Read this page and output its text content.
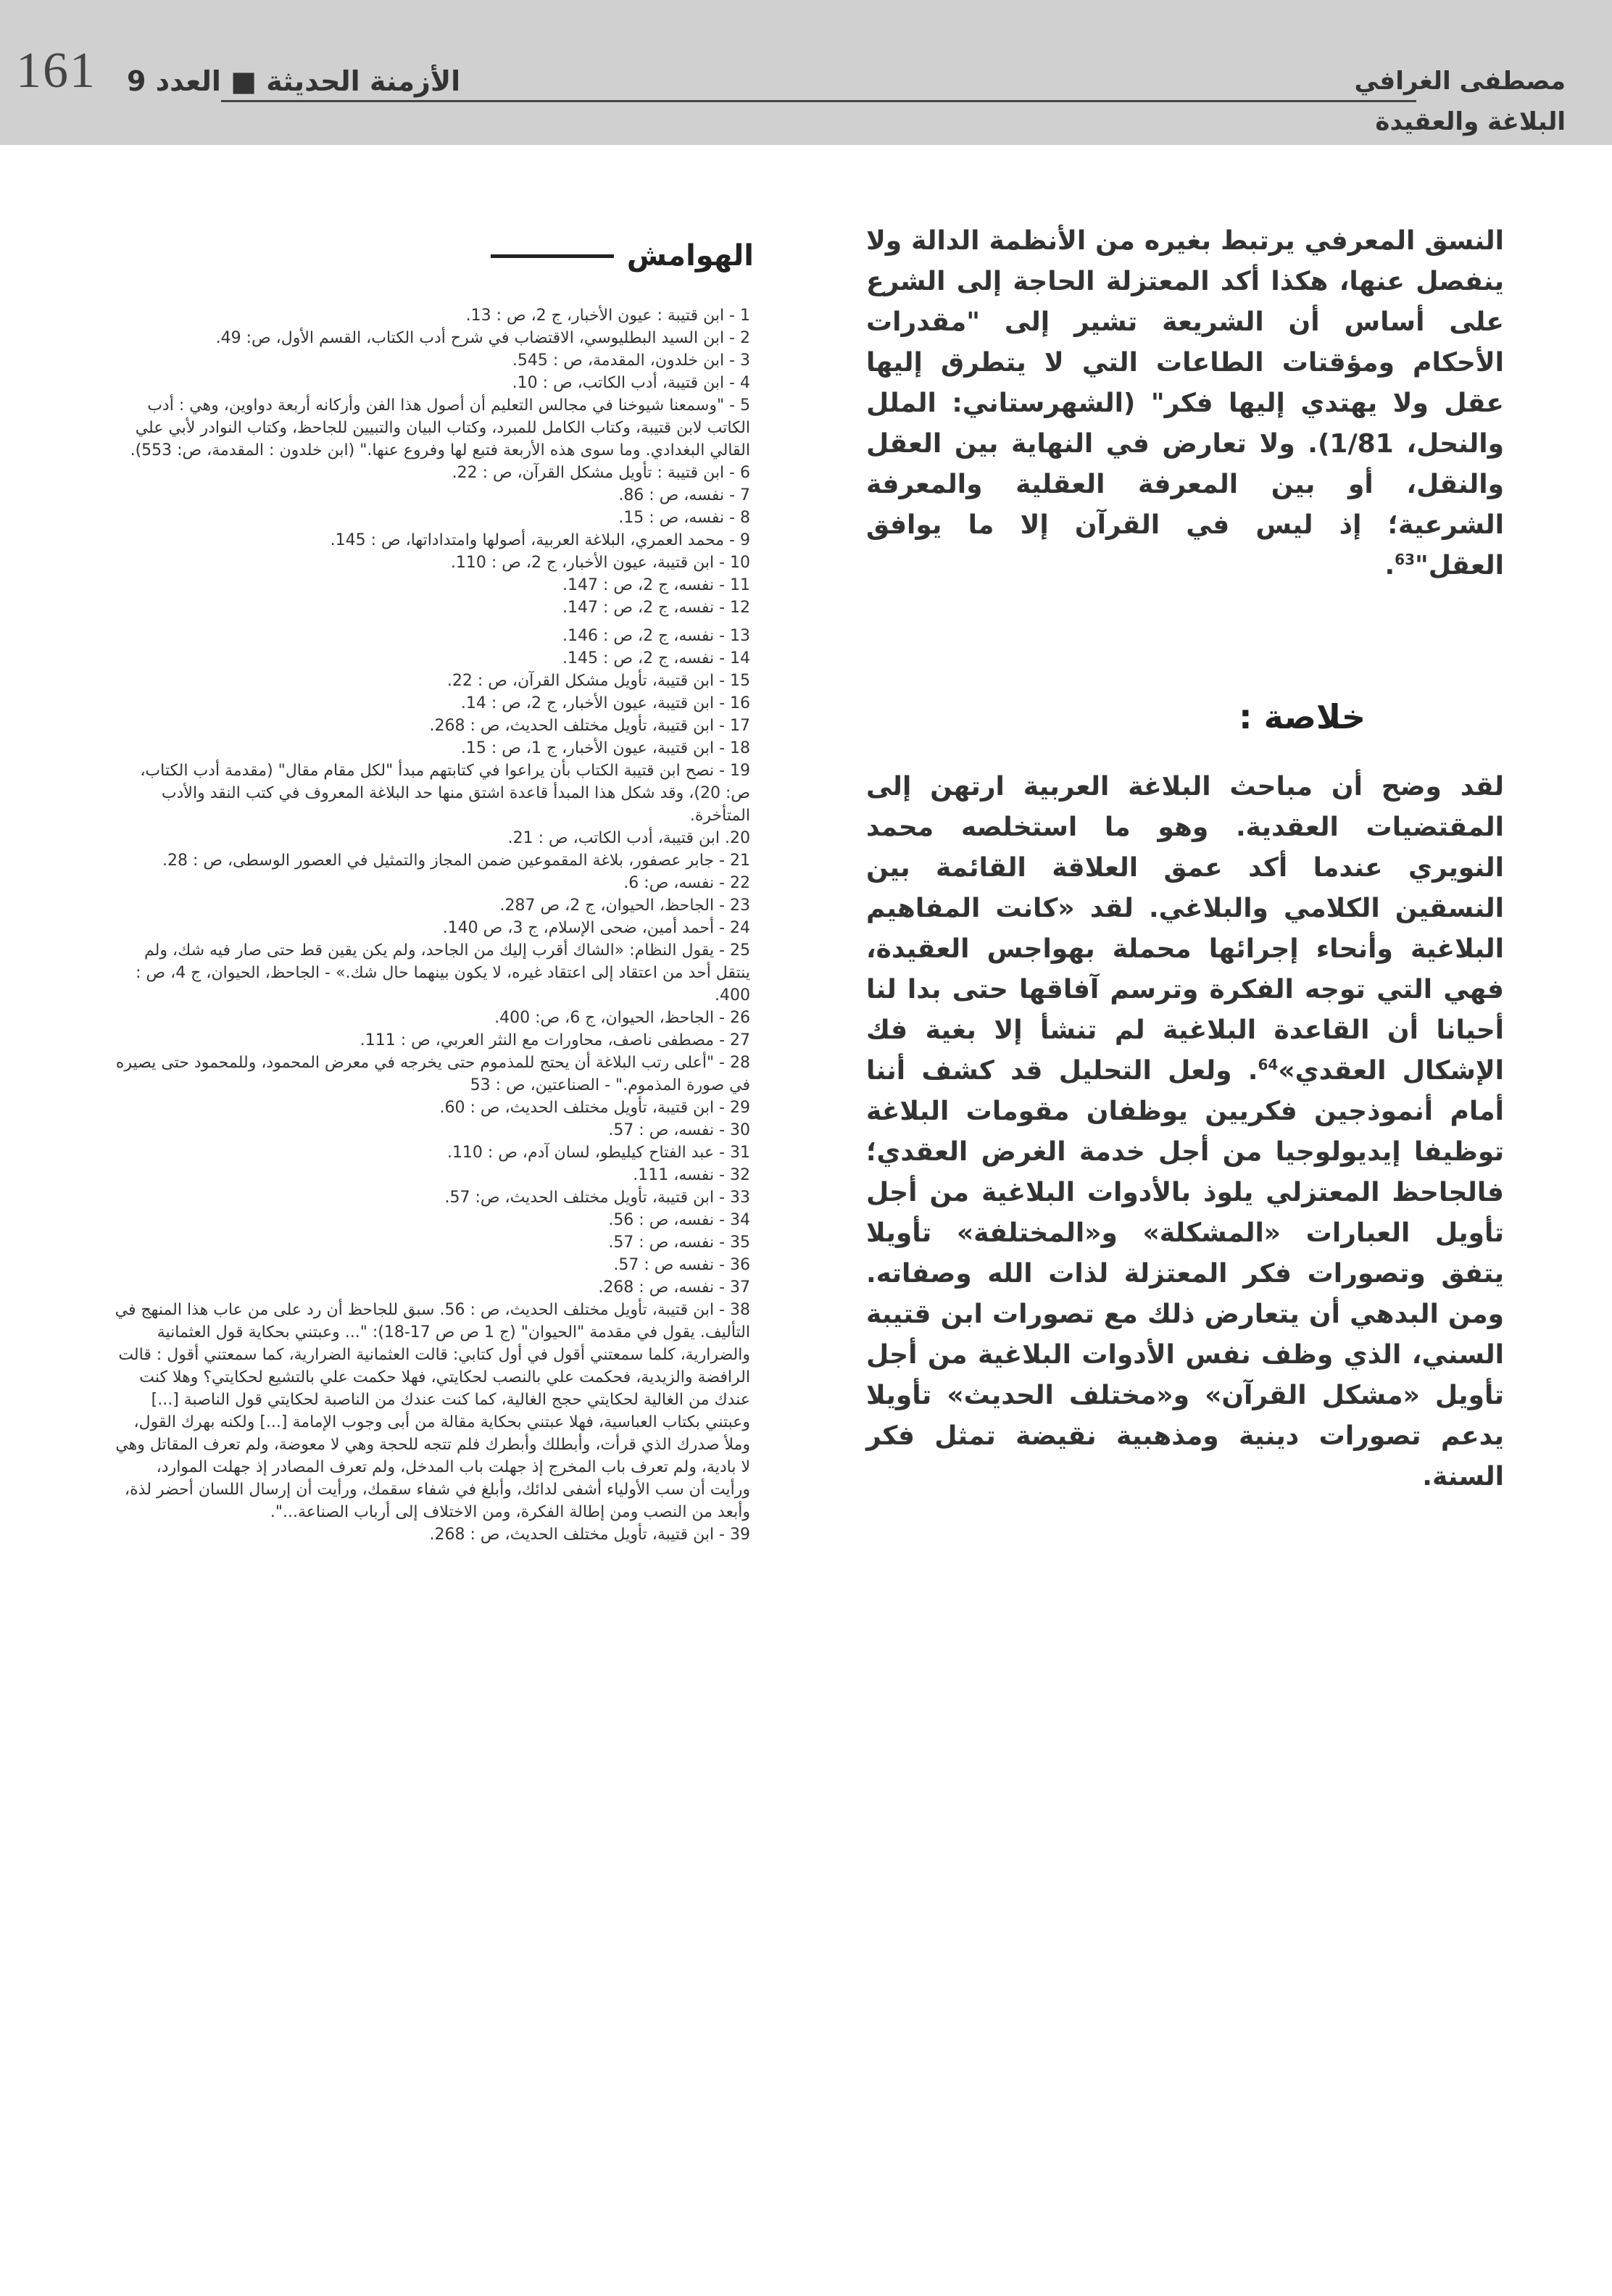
161 الأزمنة الحديثة ■ العدد 9	مصطفى الغرافي
البلاغة والعقيدة

النسق المعرفي يرتبط بغيره من الأنظمة الدالة ولا ينفصل عنها، هكذا أكد المعتزلة الحاجة إلى الشرع على أساس أن الشريعة تشير إلى "مقدرات الأحكام ومؤقتات الطاعات التي لا يتطرق إليها عقل ولا يهتدي إليها فكر" (الشهرستاني: الملل والنحل، 1/81). ولا تعارض في النهاية بين العقل والنقل، أو بين المعرفة العقلية والمعرفة الشرعية؛ إذ ليس في القرآن إلا ما يوافق العقل"$^{63}$.

خلاصة :

لقد وضح أن مباحث البلاغة العربية ارتهن إلى المقتضيات العقدية. وهو ما استخلصه محمد النويري عندما أكد عمق العلاقة القائمة بين النسقين الكلامي والبلاغي. لقد «كانت المفاهيم البلاغية وأنحاء إجرائها محملة بهواجس العقيدة، فهي التي توجه الفكرة وترسم آفاقها حتى بدا لنا أحيانا أن القاعدة البلاغية لم تنشأ إلا بغية فك الإشكال العقدي»$^{64}$. ولعل التحليل قد كشف أننا أمام أنموذجين فكريين يوظفان مقومات البلاغة توظيفا إيديولوجيا من أجل خدمة الغرض العقدي؛ فالجاحظ المعتزلي يلوذ بالأدوات البلاغية من أجل تأويل العبارات «المشكلة» و«المختلفة» تأويلا يتفق وتصورات فكر المعتزلة لذات الله وصفاته. ومن البدهي أن يتعارض ذلك مع تصورات ابن قتيبة السني، الذي وظف نفس الأدوات البلاغية من أجل تأويل «مشكل القرآن» و«مختلف الحديث» تأويلا يدعم تصورات دينية ومذهبية نقيضة تمثل فكر السنة.

الهوامش

1 - ابن قتيبة : عيون الأخبار، ج 2، ص : 13.

2 - ابن السيد البطليوسي، الاقتضاب في شرح أدب الكتاب، القسم الأول، ص: 49.

3 - ابن خلدون، المقدمة، ص : 545.

4 - ابن قتيبة، أدب الكاتب، ص : 10.

5 - "وسمعنا شيوخنا في مجالس التعليم أن أصول هذا الفن وأركانه أربعة دواوين، وهي : أدب الكاتب لابن قتيبة، وكتاب الكامل للمبرد، وكتاب البيان والتبيين للجاحظ، وكتاب النوادر لأبي علي القالي البغدادي. وما سوى هذه الأربعة فتبع لها وفروع عنها." (ابن خلدون : المقدمة، ص: 553).

6 - ابن قتيبة : تأويل مشكل القرآن، ص : 22.

7 - نفسه، ص : 86.

8 - نفسه، ص : 15.

9 - محمد العمري، البلاغة العربية، أصولها وامتداداتها، ص : 145.

10 - ابن قتيبة، عيون الأخبار، ج 2، ص : 110.

11 - نفسه، ج 2، ص : 147.

12 - نفسه، ج 2، ص : 147.

13 - نفسه، ج 2، ص : 146.

14 - نفسه، ج 2، ص : 145.

15 - ابن قتيبة، تأويل مشكل القرآن، ص : 22.

16 - ابن قتيبة، عيون الأخبار، ج 2، ص : 14.

17 - ابن قتيبة، تأويل مختلف الحديث، ص : 268.

18 - ابن قتيبة، عيون الأخبار، ج 1، ص : 15.

19 - نصح ابن قتيبة الكتاب بأن يراعوا في كتابتهم مبدأ "لكل مقام مقال" (مقدمة أدب الكتاب، ص: 20)، وقد شكل هذا المبدأ قاعدة اشتق منها حد البلاغة المعروف في كتب النقد والأدب المتأخرة.

20. ابن قتيبة، أدب الكاتب، ص : 21.

21 - جابر عصفور، بلاغة المقموعين ضمن المجاز والتمثيل في العصور الوسطى، ص : 28.

22 - نفسه، ص: 6.

23 - الجاحظ، الحيوان، ج 2، ص 287.

24 - أحمد أمين، ضحى الإسلام، ج 3، ص 140.

25 - يقول النظام: «الشاك أقرب إليك من الجاحد، ولم يكن يقين قط حتى صار فيه شك، ولم ينتقل أحد من اعتقاد إلى اعتقاد غيره، لا يكون بينهما حال شك.» - الجاحظ، الحيوان، ج 4، ص : 400.

26 - الجاحظ، الحيوان، ج 6، ص: 400.

27 - مصطفى ناصف، محاورات مع النثر العربي، ص : 111.

28 - "أعلى رتب البلاغة أن يحتج للمذموم حتى يخرجه في معرض المحمود، وللمحمود حتى يصيره في صورة المذموم." - الصناعتين، ص : 53

29 - ابن قتيبة، تأويل مختلف الحديث، ص : 60.

30 - نفسه، ص : 57.

31 - عبد الفتاح كيليطو، لسان آدم، ص : 110.

32 - نفسه، 111.

33 - ابن قتيبة، تأويل مختلف الحديث، ص: 57.

34 - نفسه، ص : 56.

35 - نفسه، ص : 57.

36 - نفسه ص : 57.

37 - نفسه، ص : 268.

38 - ابن قتيبة، تأويل مختلف الحديث، ص : 56. سبق للجاحظ أن رد على من عاب هذا المنهج في التأليف. يقول في مقدمة "الحيوان" (ج 1 ص ص 17-18): "... وعبتني بحكاية قول العثمانية والضرارية، كلما سمعتني أقول في أول كتابي: قالت العثمانية الضرارية، كما سمعتني أقول : قالت الرافضة والزيدية، فحكمت علي بالنصب لحكايتي، فهلا حكمت علي بالتشيع لحكايتي؟ وهلا كنت عندك من الغالية لحكايتي حجج الغالية، كما كنت عندك من الناصبة لحكايتي قول الناصبة [...] وعبتني بكتاب العباسية، فهلا عبتني بحكاية مقالة من أبى وجوب الإمامة [...] ولكنه بهرك القول، وملأ صدرك الذي قرأت، وأبطلك وأبطرك فلم تتجه للحجة وهي لا معوضة، ولم تعرف المقاتل وهي لا بادية، ولم تعرف باب المخرج إذ جهلت باب المدخل، ولم تعرف المصادر إذ جهلت الموارد، ورأيت أن سب الأولياء أشفى لدائك، وأبلغ في شفاء سقمك، ورأيت أن إرسال اللسان أحضر لذة، وأبعد من النصب ومن إطالة الفكرة، ومن الاختلاف إلى أرباب الصناعة...".

39 - ابن قتيبة، تأويل مختلف الحديث، ص : 268.
